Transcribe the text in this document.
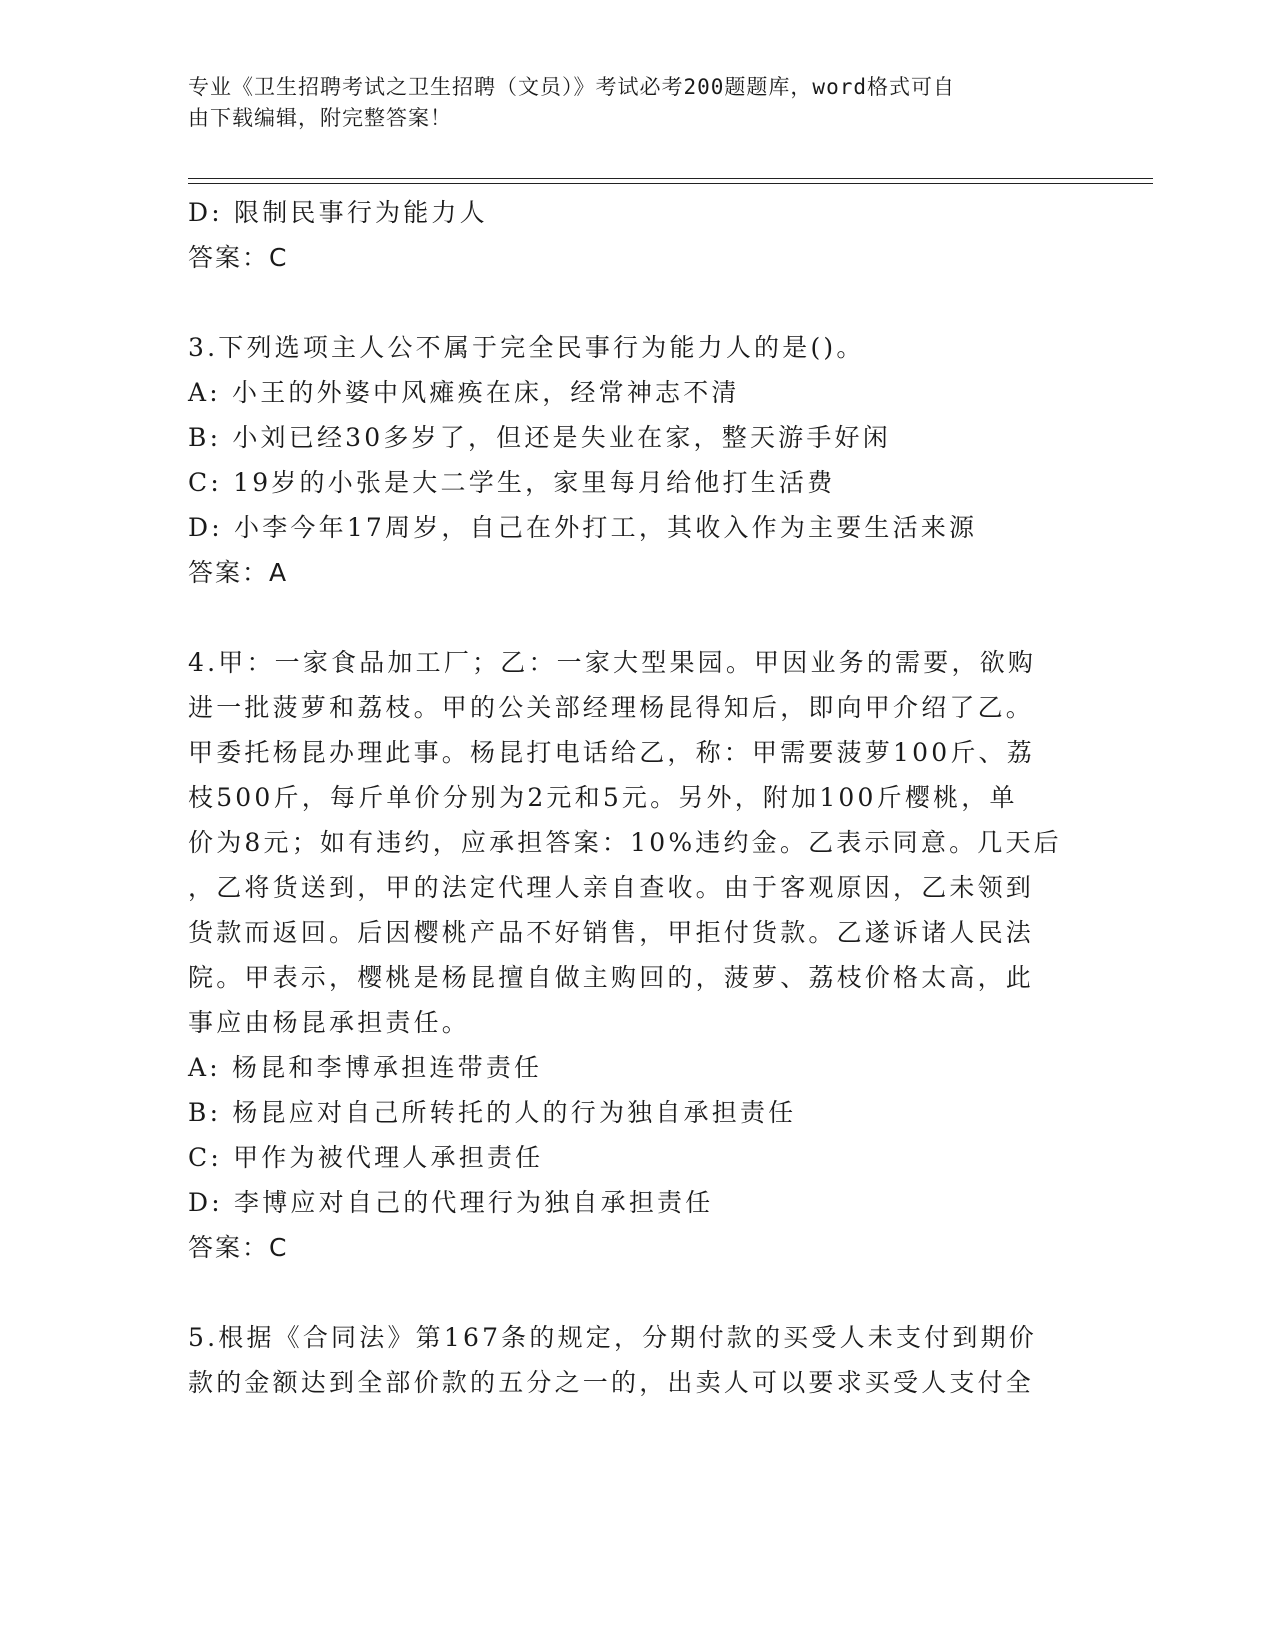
专业《卫生招聘考试之卫生招聘（文员）》考试必考200题题库，word格式可自
由下载编辑，附完整答案！

D: 限制民事行为能力人

答案：C

3.下列选项主人公不属于完全民事行为能力人的是()。

A: 小王的外婆中风瘫痪在床，经常神志不清

B: 小刘已经30多岁了，但还是失业在家，整天游手好闲

C: 19岁的小张是大二学生，家里每月给他打生活费

D: 小李今年17周岁，自己在外打工，其收入作为主要生活来源

答案：A

4.甲：一家食品加工厂；乙：一家大型果园。甲因业务的需要，欲购

进一批菠萝和荔枝。甲的公关部经理杨昆得知后，即向甲介绍了乙。

甲委托杨昆办理此事。杨昆打电话给乙，称：甲需要菠萝100斤、荔

枝500斤，每斤单价分别为2元和5元。另外，附加100斤樱桃，单

价为8元；如有违约，应承担答案：10%违约金。乙表示同意。几天后

，乙将货送到，甲的法定代理人亲自查收。由于客观原因，乙未领到

货款而返回。后因樱桃产品不好销售，甲拒付货款。乙遂诉诸人民法

院。甲表示，樱桃是杨昆擅自做主购回的，菠萝、荔枝价格太高，此

事应由杨昆承担责任。

A: 杨昆和李博承担连带责任

B: 杨昆应对自己所转托的人的行为独自承担责任

C: 甲作为被代理人承担责任

D: 李博应对自己的代理行为独自承担责任

答案：C

5.根据《合同法》第167条的规定，分期付款的买受人未支付到期价

款的金额达到全部价款的五分之一的，出卖人可以要求买受人支付全
